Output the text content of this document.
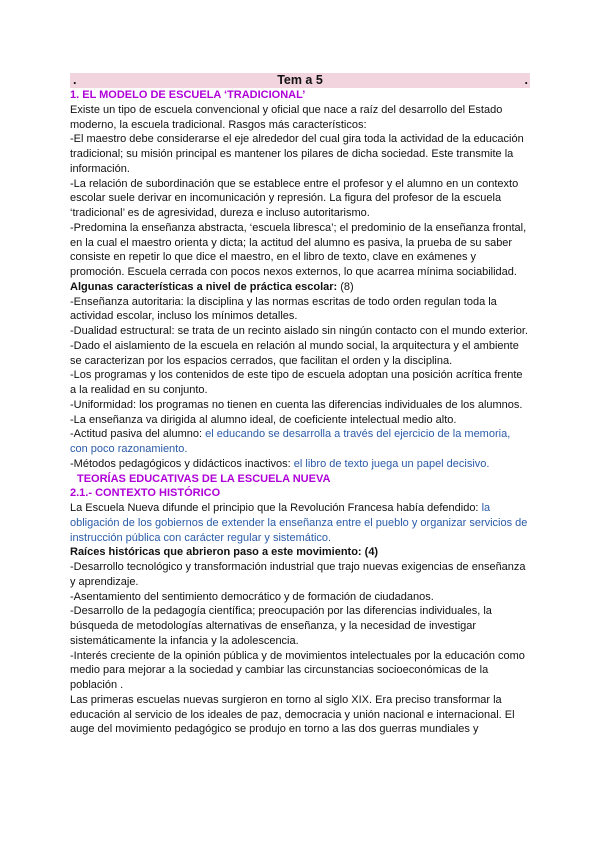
.	Tem a 5	.

1. EL MODELO DE ESCUELA ‘TRADICIONAL’

Existe un tipo de escuela convencional y oficial que nace a raíz del desarrollo del Estado moderno, la escuela tradicional. Rasgos más característicos:

-El maestro debe considerarse el eje alrededor del cual gira toda la actividad de la educación tradicional; su misión principal es mantener los pilares de dicha sociedad. Este transmite la información.

-La relación de subordinación que se establece entre el profesor y el alumno en un contexto escolar suele derivar en incomunicación y represión. La figura del profesor de la escuela ‘tradicional’ es de agresividad, dureza e incluso autoritarismo.

-Predomina la enseñanza abstracta, ‘escuela libresca’; el predominio de la enseñanza frontal, en la cual el maestro orienta y dicta; la actitud del alumno es pasiva, la prueba de su saber consiste en repetir lo que dice el maestro, en el libro de texto, clave en exámenes y promoción. Escuela cerrada con pocos nexos externos, lo que acarrea mínima sociabilidad.

Algunas características a nivel de práctica escolar: (8)

-Enseñanza autoritaria: la disciplina y las normas escritas de todo orden regulan toda la actividad escolar, incluso los mínimos detalles.

-Dualidad estructural: se trata de un recinto aislado sin ningún contacto con el mundo exterior.

-Dado el aislamiento de la escuela en relación al mundo social, la arquitectura y el ambiente se caracterizan por los espacios cerrados, que facilitan el orden y la disciplina.

-Los programas y los contenidos de este tipo de escuela adoptan una posición acrítica frente a la realidad en su conjunto.

-Uniformidad: los programas no tienen en cuenta las diferencias individuales de los alumnos.

-La enseñanza va dirigida al alumno ideal, de coeficiente intelectual medio alto.

-Actitud pasiva del alumno: el educando se desarrolla a través del ejercicio de la memoria, con poco razonamiento.

-Métodos pedagógicos y didácticos inactivos: el libro de texto juega un papel decisivo.

TEORÍAS EDUCATIVAS DE LA ESCUELA NUEVA

2.1.- CONTEXTO HISTÓRICO

La Escuela Nueva difunde el principio que la Revolución Francesa había defendido: la obligación de los gobiernos de extender la enseñanza entre el pueblo y organizar servicios de instrucción pública con carácter regular y sistemático.

Raíces históricas que abrieron paso a este movimiento: (4)

-Desarrollo tecnológico y transformación industrial que trajo nuevas exigencias de enseñanza y aprendizaje.

-Asentamiento del sentimiento democrático y de formación de ciudadanos.

-Desarrollo de la pedagogía científica; preocupación por las diferencias individuales, la búsqueda de metodologías alternativas de enseñanza, y la necesidad de investigar sistemáticamente la infancia y la adolescencia.

-Interés creciente de la opinión pública y de movimientos intelectuales por la educación como medio para mejorar a la sociedad y cambiar las circunstancias socioeconómicas de la población .

Las primeras escuelas nuevas surgieron en torno al siglo XIX. Era preciso transformar la educación al servicio de los ideales de paz, democracia y unión nacional e internacional. El auge del movimiento pedagógico se produjo en torno a las dos guerras mundiales y
